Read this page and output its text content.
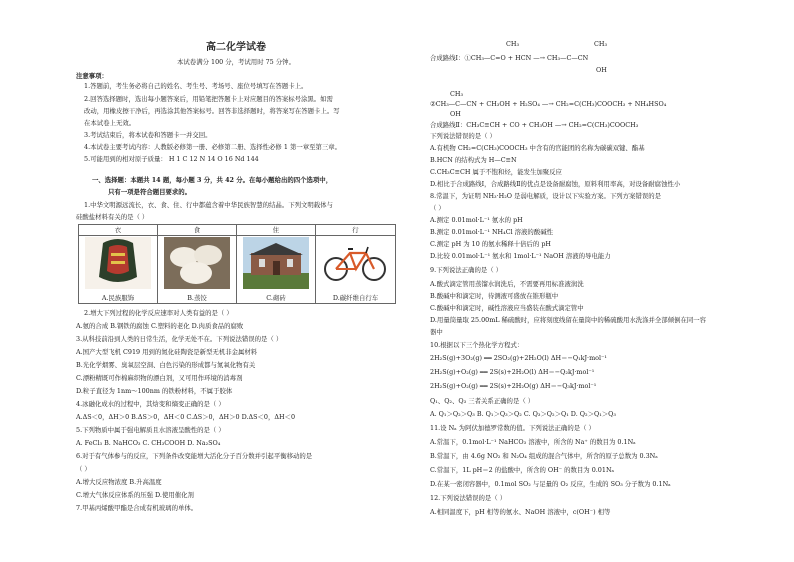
高二化学试卷
本试卷满分 100 分，考试用时 75 分钟。
注意事项：
1.答题前，考生务必将自己的姓名、考生号、考场号、座位号填写在答题卡上。
2.回答选择题时，选出每小题答案后，用铅笔把答题卡上对应题目的答案标号涂黑。如需
改动，用橡皮擦干净后，再选涂其他答案标号。回答非选择题时，将答案写在答题卡上。写
在本试卷上无效。
3.考试结束后，将本试卷和答题卡一并交回。
4.本试卷主要考试内容：人教版必修第一册、必修第二册、选择性必修 1 第一章至第三章。
5.可能用到的相对原子质量： H 1 C 12 N 14 O 16 Nd 144
一、选择题：本题共 14 题，每小题 3 分，共 42 分。在每小题给出的四个选项中，
只有一项是符合题目要求的。
1.中华文明源远流长，衣、食、住、行中都蕴含着中华民族智慧的结晶。下列文明载体与
硅酸盐材料有关的是（ ）
衣
A.民族服饰
食
B.蒸饺
住
C.砌砖
行
D.碳纤维自行车
2.增大下列过程的化学反应速率对人类有益的是（ ）
A.氨的合成 B.钢铁的腐蚀 C.塑料的老化 D.肉质食品的腐败
3.从科技前沿到人类的日常生活，化学无处不在。下列说法错误的是（ ）
A.国产大型飞机 C919 用到的氮化硅陶瓷是新型无机非金属材料
B.光化学烟雾、臭氧层空洞、白色污染的形成都与氮氧化物有关
C.漂粉精既可作棉麻织物的漂白剂，又可用作环境的消毒剂
D.粒子直径为 1nm～100nm 的铁粉材料，不属于胶体
4.冰融化成水的过程中，其焓变和熵变正确的是（ ）
A.ΔS＜0，ΔH＞0 B.ΔS＞0，ΔH＜0 C.ΔS＞0，ΔH＞0 D.ΔS＜0，ΔH＜0
5.下列物质中属于强电解质且水溶液呈酸性的是（ ）
A. FeCl₃ B. NaHCO₃ C. CH₃COOH D. Na₂SO₄
6.对于有气体参与的反应，下列条件改变能增大活化分子百分数并引起平衡移动的是
（ ）
A.增大反应物浓度 B.升高温度
C.增大气体反应体系的压强 D.使用催化剂
7.甲基丙烯酸甲酯是合成有机玻璃的单体。
CH₃	CH₃
OH
合成路线Ⅰ：①CH₃—C=O + HCN —→ CH₃—C—CN
CH₃
OH
②CH₃—C—CN + CH₃OH + H₂SO₄ —→ CH₂=C(CH₃)COOCH₃ + NH₄HSO₄
合成路线Ⅱ：CH₃C≡CH + CO + CH₃OH —→ CH₂=C(CH₃)COOCH₃
下列说法错误的是（ ）
A.有机物 CH₂=C(CH₃)COOCH₃ 中含有的官能团的名称为碳碳双键、酯基
B.HCN 的结构式为 H—C≡N
C.CH₃C≡CH 属于不饱和烃，能发生加聚反应
D.相比于合成路线Ⅰ，合成路线Ⅱ的优点是设备耐腐蚀，原料利用率高，对设备耐腐蚀性小
8.常温下，为证明 NH₃·H₂O 是弱电解质，设计以下实验方案。下列方案错误的是
（ ）
A.测定 0.01mol·L⁻¹ 氨水的 pH
B.测定 0.01mol·L⁻¹ NH₄Cl 溶液的酸碱性
C.测定 pH 为 10 的氨水稀释十倍后的 pH
D.比较 0.01mol·L⁻¹ 氨水和 1mol·L⁻¹ NaOH 溶液的导电能力
9.下列说法正确的是（ ）
A.酸式滴定管用蒸馏水润洗后，不需要再用标准液润洗
B.酸碱中和滴定时，待测液可盛放在锥形瓶中
C.酸碱中和滴定时，碱性溶液应当盛装在酸式滴定管中
D.用量筒量取 25.00mL 稀硫酸时，应将刻度线留在量筒中的稀硫酸用水洗涤并全部倾倒在同一容
器中
10.根据以下三个热化学方程式：
2H₂S(g)+3O₂(g) ══ 2SO₂(g)+2H₂O(l) ΔH＝−Q₁kJ·mol⁻¹
2H₂S(g)+O₂(g) ══ 2S(s)+2H₂O(l) ΔH＝−Q₂kJ·mol⁻¹
2H₂S(g)+O₂(g) ══ 2S(s)+2H₂O(g) ΔH＝−Q₃kJ·mol⁻¹
Q₁、Q₂、Q₃ 三者关系正确的是（ ）
A. Q₁＞Q₂＞Q₃ B. Q₁＞Q₃＞Q₂ C. Q₃＞Q₂＞Q₁ D. Q₂＞Q₁＞Q₃
11.设 Nₐ 为阿伏加德罗常数的值。下列说法正确的是（ ）
A.常温下，0.1mol·L⁻¹ NaHCO₃ 溶液中，所含的 Na⁺ 的数目为 0.1Nₐ
B.常温下，由 4.6g NO₂ 和 N₂O₄ 组成的混合气体中，所含的原子总数为 0.3Nₐ
C.常温下，1L pH＝2 的盐酸中，所含的 OH⁻ 的数目为 0.01Nₐ
D.在某一密闭容器中，0.1mol SO₂ 与足量的 O₂ 反应，生成的 SO₃ 分子数为 0.1Nₐ
12.下列说法错误的是（ ）
A.相同温度下，pH 相等的氨水、NaOH 溶液中，c(OH⁻) 相等
